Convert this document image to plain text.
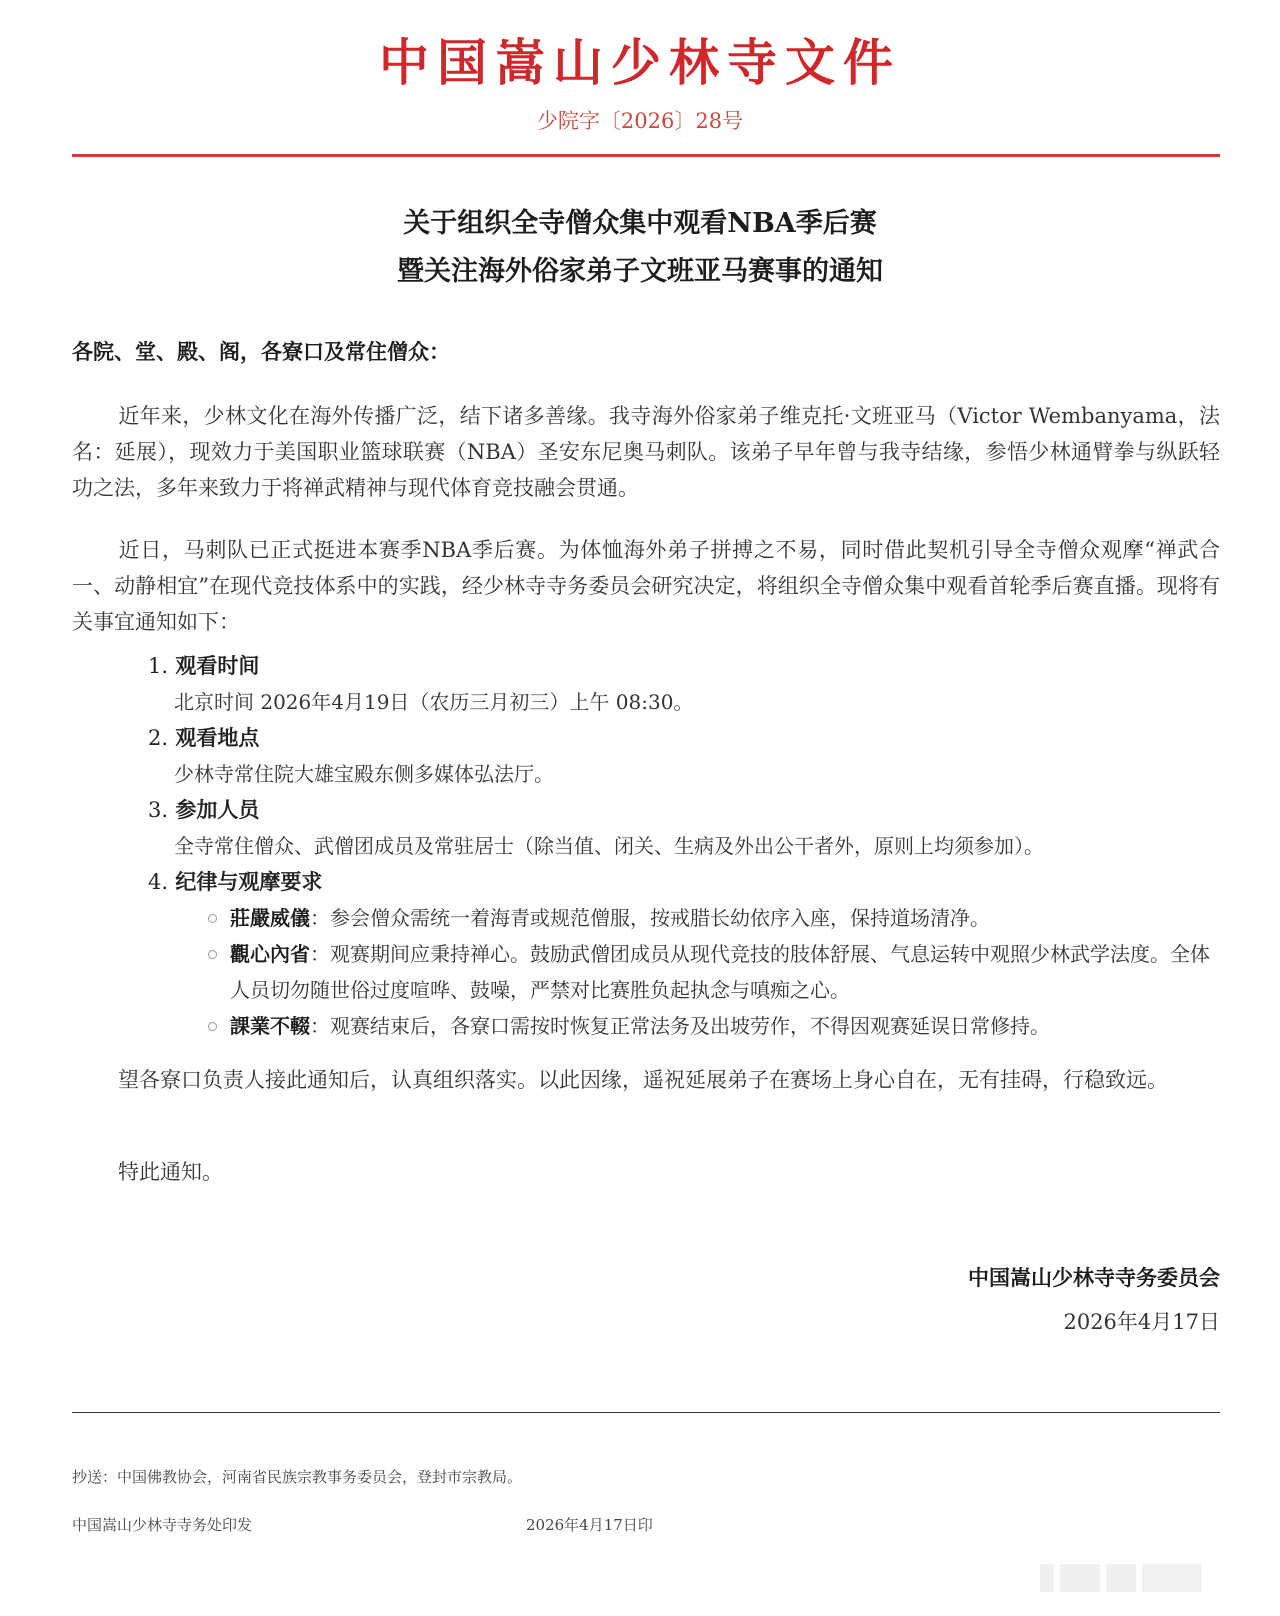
中国嵩山少林寺文件
少院字〔2026〕28号
关于组织全寺僧众集中观看NBA季后赛
暨关注海外俗家弟子文班亚马赛事的通知
各院、堂、殿、阁，各寮口及常住僧众：
近年来，少林文化在海外传播广泛，结下诸多善缘。我寺海外俗家弟子维克托·文班亚马（Victor Wembanyama，法名：延展），现效力于美国职业篮球联赛（NBA）圣安东尼奥马刺队。该弟子早年曾与我寺结缘，参悟少林通臂拳与纵跃轻功之法，多年来致力于将禅武精神与现代体育竞技融会贯通。
近日，马刺队已正式挺进本赛季NBA季后赛。为体恤海外弟子拼搏之不易，同时借此契机引导全寺僧众观摩“禅武合一、动静相宜”在现代竞技体系中的实践，经少林寺寺务委员会研究决定，将组织全寺僧众集中观看首轮季后赛直播。现将有关事宜通知如下：
1. 观看时间
北京时间 2026年4月19日（农历三月初三）上午 08:30。
2. 观看地点
少林寺常住院大雄宝殿东侧多媒体弘法厅。
3. 参加人员
全寺常住僧众、武僧团成员及常驻居士（除当值、闭关、生病及外出公干者外，原则上均须参加）。
4. 纪律与观摩要求
莊嚴威儀：参会僧众需统一着海青或规范僧服，按戒腊长幼依序入座，保持道场清净。
觀心內省：观赛期间应秉持禅心。鼓励武僧团成员从现代竞技的肢体舒展、气息运转中观照少林武学法度。全体人员切勿随世俗过度喧哗、鼓噪，严禁对比赛胜负起执念与嗔痴之心。
課業不輟：观赛结束后，各寮口需按时恢复正常法务及出坡劳作，不得因观赛延误日常修持。
望各寮口负责人接此通知后，认真组织落实。以此因缘，遥祝延展弟子在赛场上身心自在，无有挂碍，行稳致远。
特此通知。
中国嵩山少林寺寺务委员会
2026年4月17日
抄送：中国佛教协会，河南省民族宗教事务委员会，登封市宗教局。
中国嵩山少林寺寺务处印发	2026年4月17日印
